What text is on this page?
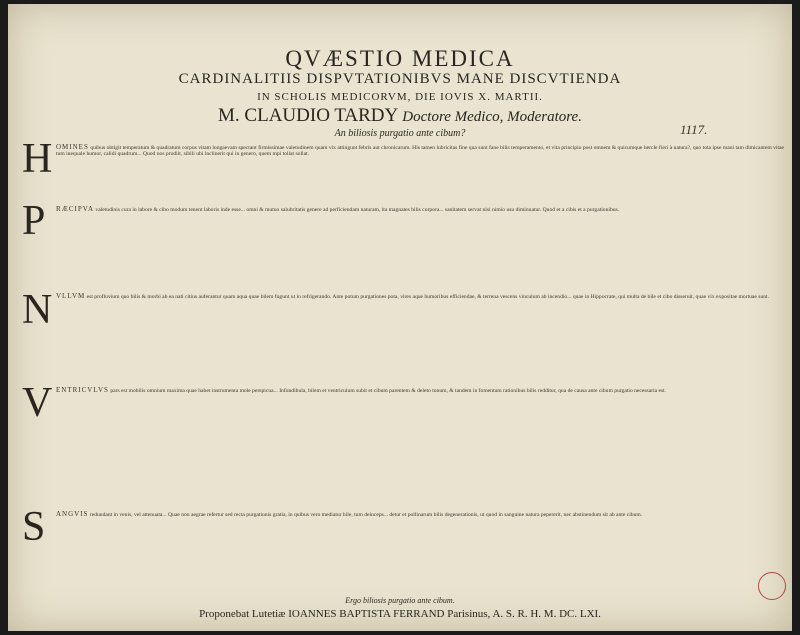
QVÆSTIO MEDICA
CARDINALITIIS DISPVTATIONIBVS MANE DISCVTIENDA
IN SCHOLIS MEDICORVM, DIE IOVIS X. MARTII.
M. CLAUDIO TARDY Doctore Medico, Moderatore.
An biliosis purgatio ante cibum?	1117.
H OMINES quibus obtigit temperatum & quadratum corpus vitam longaevam spectant firmissimae valetudinem quam vix attingunt febris aut chronicarum. His tamen lubricitas fine qua sunt fane bilis temperamento, et vita principio post omnem & quicumque hercle fieri à natura?, quo tota ipse mani tam dimicantem vitae tum inequale humor, calidi quadrum... Quod nos prodiit, sibili ubi inclinerit qui in genero, quem mpi tollat sollat.
P RÆCIPVA valetudinis cura in labore & cibo modum tenent laboris inde esse... omni & mutuo salubritatis genere ad perficiendam naturam, ita magnates bilis corpora... sanitatem servat nisi nimio usu diminuatur. Quod et a cibis et a purgationibus.
N VLLVM est profluvium quo bilis & morbi ab ea nati citius auferantur quam aqua quae bilem fugunt ut in refrigerando. Ante potum purgationes pota, vires aque humoribus efficiendae, & terrena vescens vinculum ab incendio... quae in Hippocrate, qui multa de bile et cibo disseruit, quae vix expositae mortuae sunt.
V ENTRICVLVS pars est mobilis omnium maxima quae habet instrumenta mole perspicua... Infundibula, bilem et ventriculum subit et cibum parentem & deleto tonum, & tandem in fomentum rationibus bilis redditur, qua de causa ante cibum purgatio necessaria est.
S ANGVIS redundant in venis, vel attenuata... Quae non aegrae refertur sed recta purgationis gratia, in quibus vero mediatur bile, tum deinceps... detur et pollinarum bilis degenerationis, ut quod in sanguine natura pepererit, nec abstinendum sit ab ante cibum.
Ergo biliosis purgatio ante cibum.
Proponebat Lutetiæ IOANNES BAPTISTA FERRAND Parisinus, A. S. R. H. M. DC. LXI.
